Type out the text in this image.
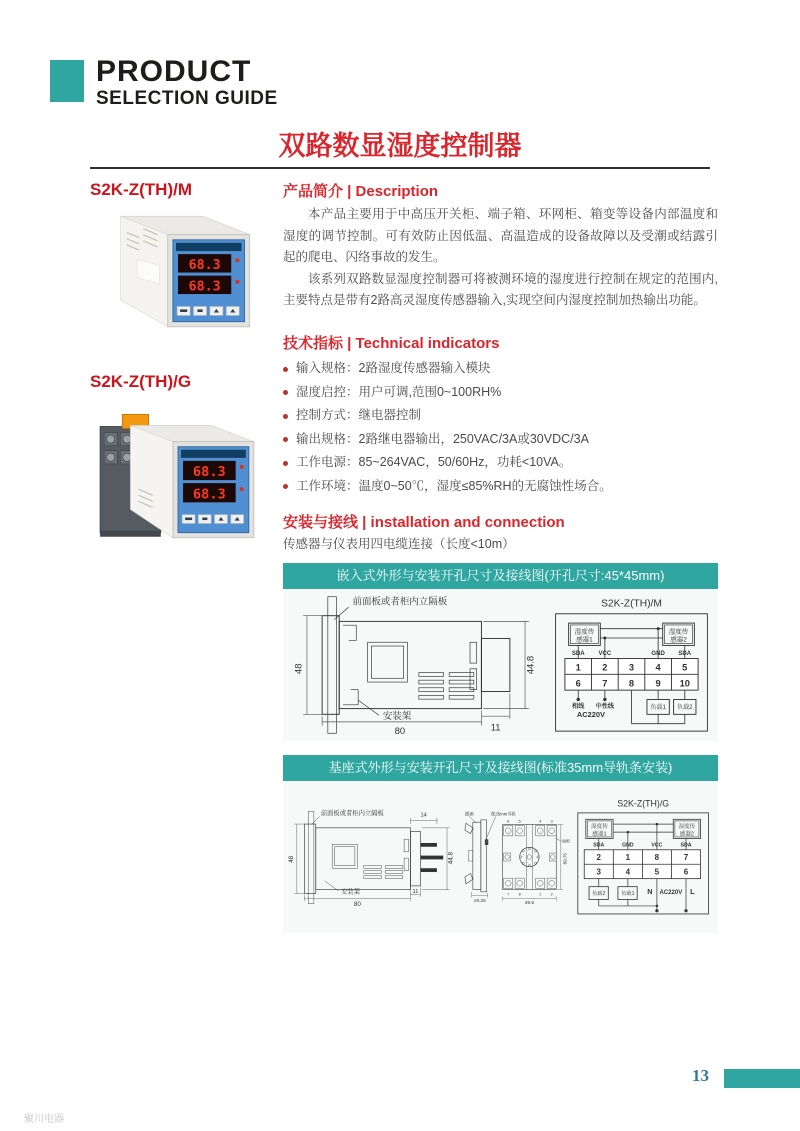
PRODUCT
SELECTION GUIDE
双路数显湿度控制器
S2K-Z(TH)/M
68.3
68.3
S2K-Z(TH)/G
68.3
68.3
产品简介 | Description

本产品主要用于中高压开关柜、端子箱、环网柜、箱变等设备内部温度和湿度的调节控制。可有效防止因低温、高温造成的设备故障以及受潮或结露引起的爬电、闪络事故的发生。

该系列双路数显湿度控制器可将被测环境的湿度进行控制在规定的范围内,主要特点是带有2路高灵湿度传感器输入,实现空间内湿度控制加热输出功能。

技术指标 | Technical indicators
输入规格：2路湿度传感器输入模块
湿度启控：用户可调,范围0~100RH%
控制方式：继电器控制
输出规格：2路继电器输出，250VAC/3A或30VDC/3A
工作电源：85~264VAC，50/60Hz，功耗<10VA。
工作环境：温度0~50℃，湿度≤85%RH的无腐蚀性场合。
安装与接线 | installation and connection
传感器与仪表用四电缆连接（长度<10m）
嵌入式外形与安装开孔尺寸及接线图(开孔尺寸:45*45mm)
前面板或者柜内立隔板
48	44.8
80	11
安装架
S2K-Z(TH)/M
湿度传
感器1
湿度传
感器2
SDA VCC	GND SDA
1 2 3 4 5
6 7 8 9 10
相线 中性线
AC220V
负载1 负载2
基座式外形与安装开孔尺寸及接线图(标准35mm导轨条安装)
前面板或者柜内立隔板
48
14
44.8
80
11
安装架
插座 配35mm导轨
19.25
6 5	4 3
7 8	1 2
面板
69.75
49.5
S2K-Z(TH)/G
湿度传
感器1
湿度传
感器2
SDA	GND	VCC	SDA
2 1 8 7
3 4 5 6
负载2 负载1 N AC220V L
13
聚川电器
